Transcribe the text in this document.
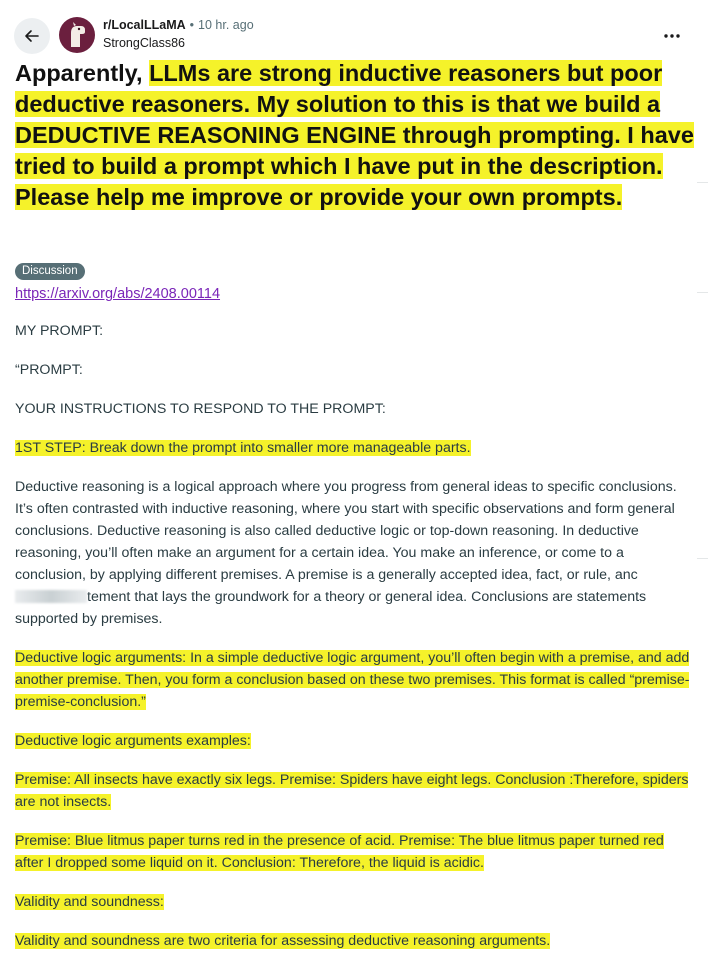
r/LocalLLaMA • 10 hr. ago
StrongClass86
Apparently, LLMs are strong inductive reasoners but poor deductive reasoners. My solution to this is that we build a DEDUCTIVE REASONING ENGINE through prompting. I have tried to build a prompt which I have put in the description. Please help me improve or provide your own prompts.
Discussion
https://arxiv.org/abs/2408.00114

MY PROMPT:

“PROMPT:

YOUR INSTRUCTIONS TO RESPOND TO THE PROMPT:

1ST STEP: Break down the prompt into smaller more manageable parts.

Deductive reasoning is a logical approach where you progress from general ideas to specific conclusions. It’s often contrasted with inductive reasoning, where you start with specific observations and form general conclusions. Deductive reasoning is also called deductive logic or top-down reasoning. In deductive reasoning, you’ll often make an argument for a certain idea. You make an inference, or come to a conclusion, by applying different premises. A premise is a generally accepted idea, fact, or rule, anctement that lays the groundwork for a theory or general idea. Conclusions are statements supported by premises.

Deductive logic arguments: In a simple deductive logic argument, you’ll often begin with a premise, and add another premise. Then, you form a conclusion based on these two premises. This format is called “premise-premise-conclusion.”

Deductive logic arguments examples:

Premise: All insects have exactly six legs. Premise: Spiders have eight legs. Conclusion :Therefore, spiders are not insects.

Premise: Blue litmus paper turns red in the presence of acid. Premise: The blue litmus paper turned red after I dropped some liquid on it. Conclusion: Therefore, the liquid is acidic.

Validity and soundness:

Validity and soundness are two criteria for assessing deductive reasoning arguments.
